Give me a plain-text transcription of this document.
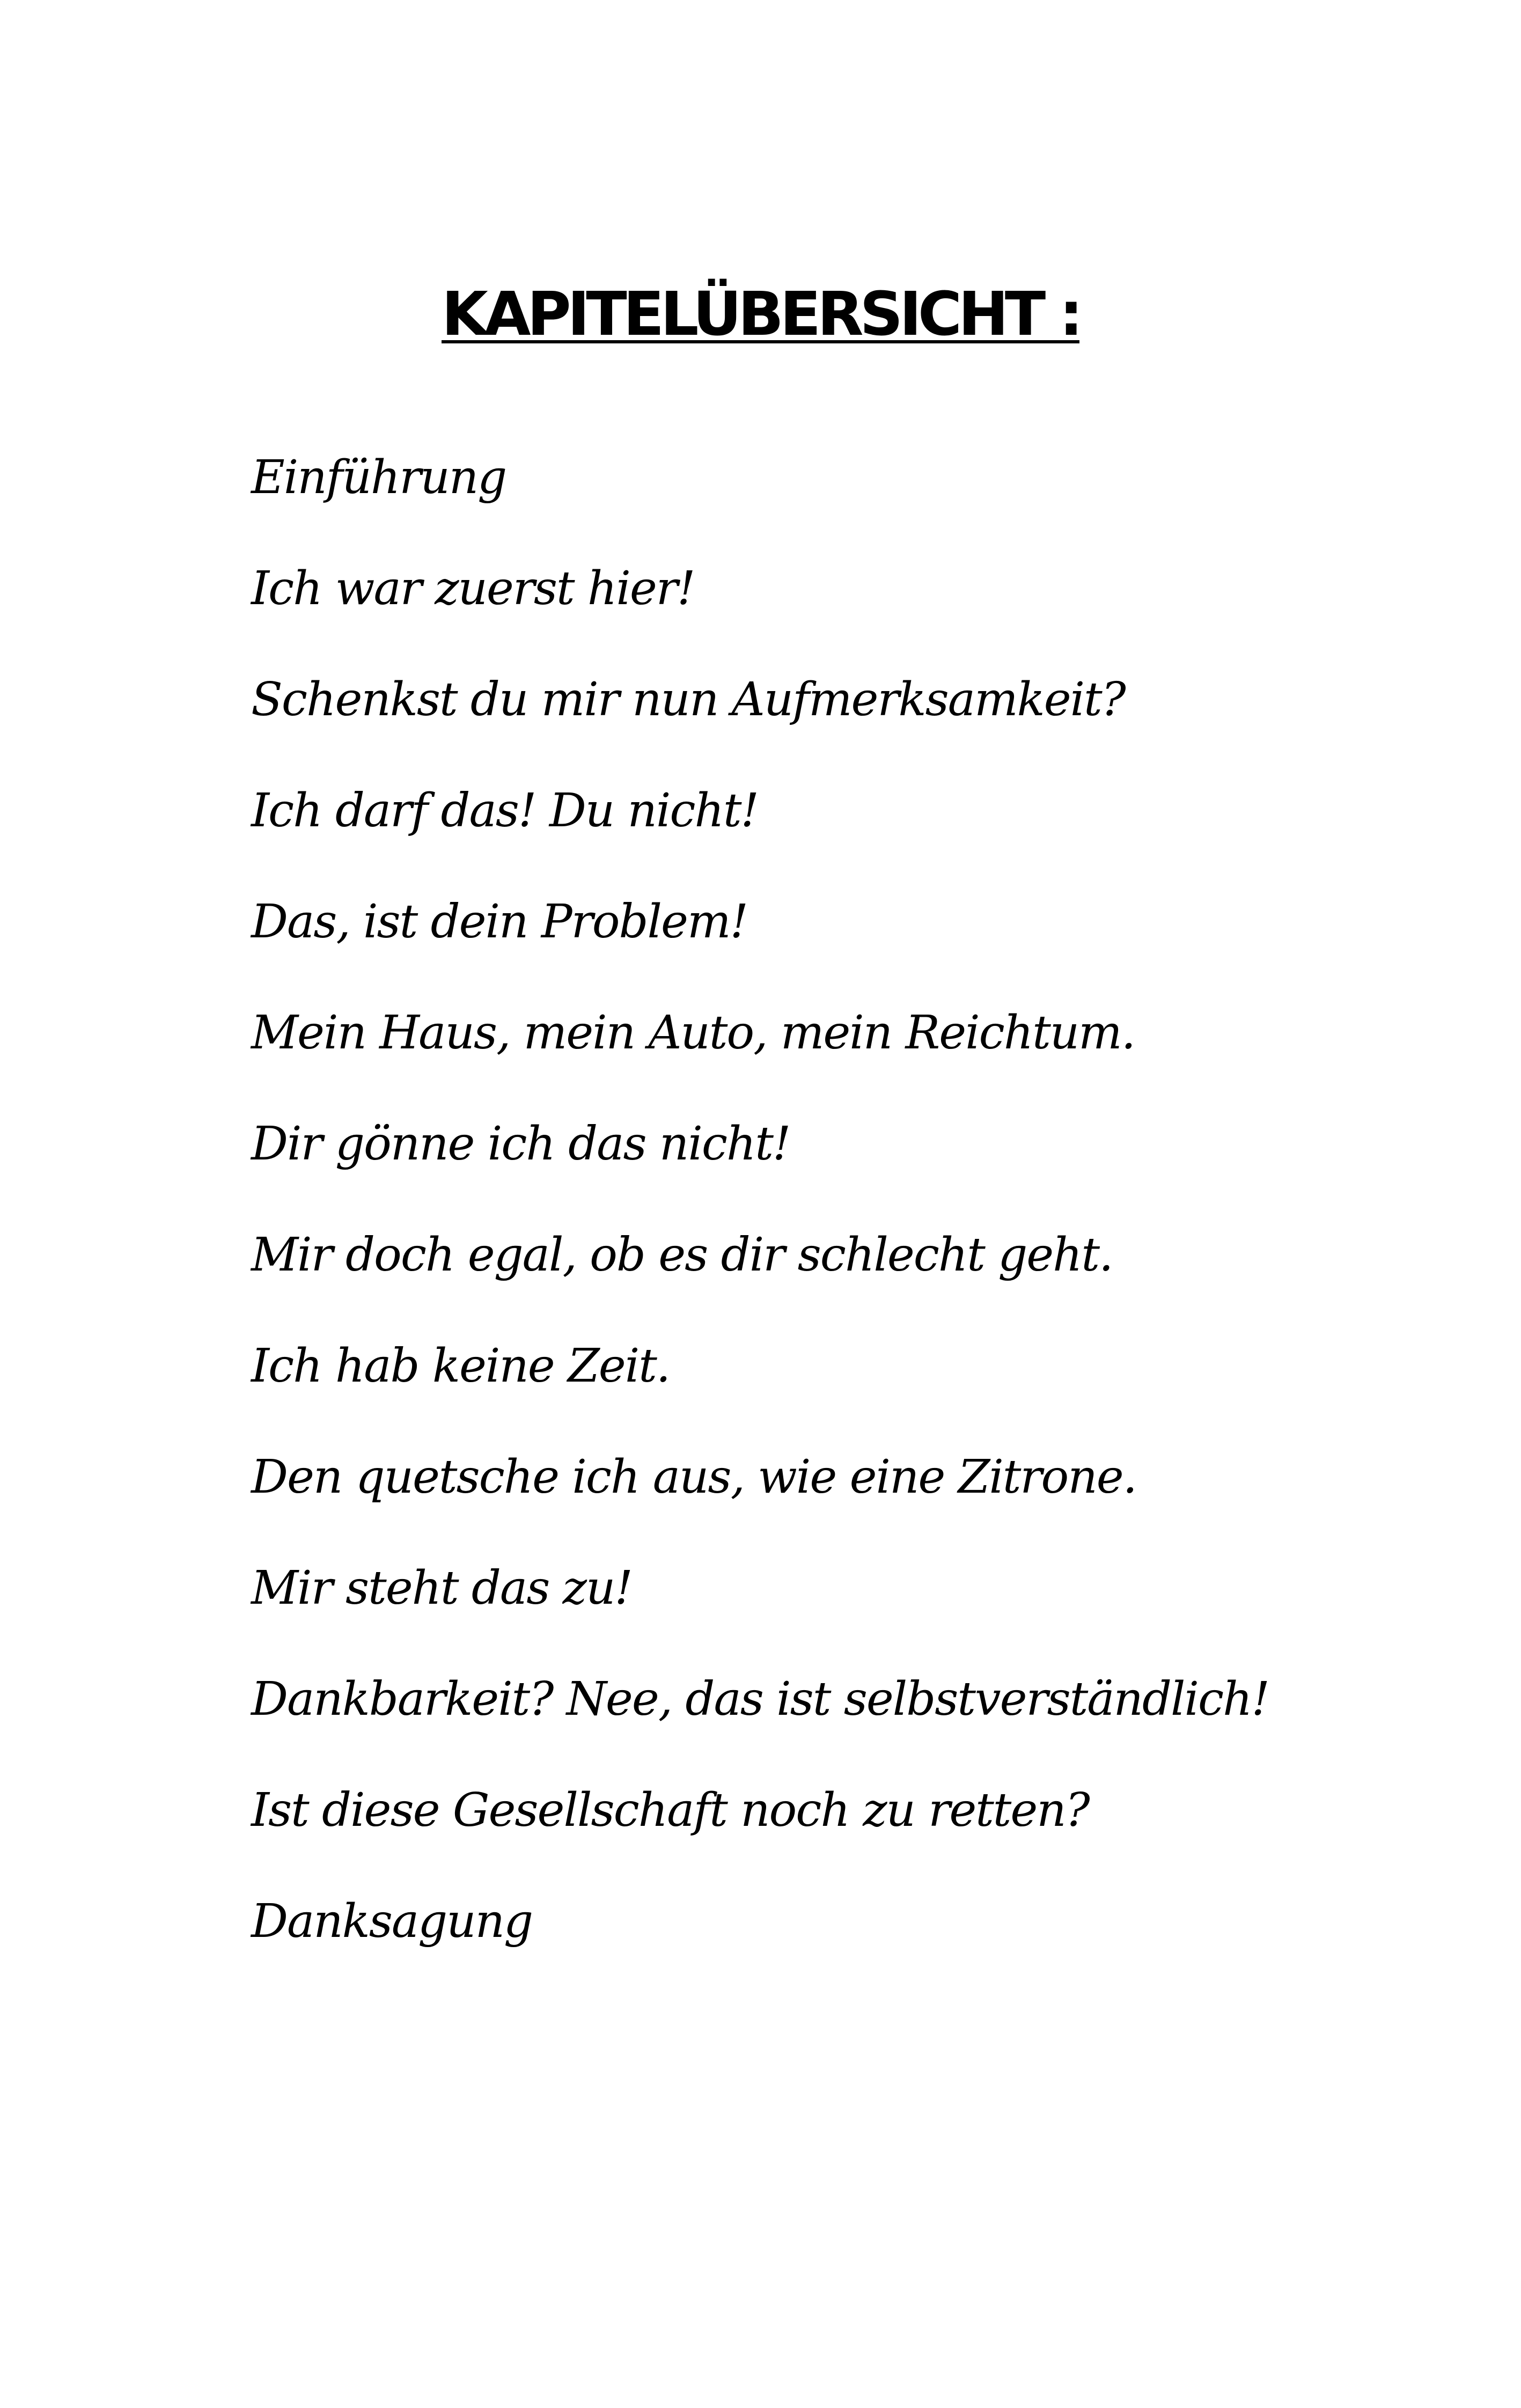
KAPITELÜBERSICHT :
Einführung
Ich war zuerst hier!
Schenkst du mir nun Aufmerksamkeit?
Ich darf das! Du nicht!
Das, ist dein Problem!
Mein Haus, mein Auto, mein Reichtum.
Dir gönne ich das nicht!
Mir doch egal, ob es dir schlecht geht.
Ich hab keine Zeit.
Den quetsche ich aus, wie eine Zitrone.
Mir steht das zu!
Dankbarkeit? Nee, das ist selbstverständlich!
Ist diese Gesellschaft noch zu retten?
Danksagung
